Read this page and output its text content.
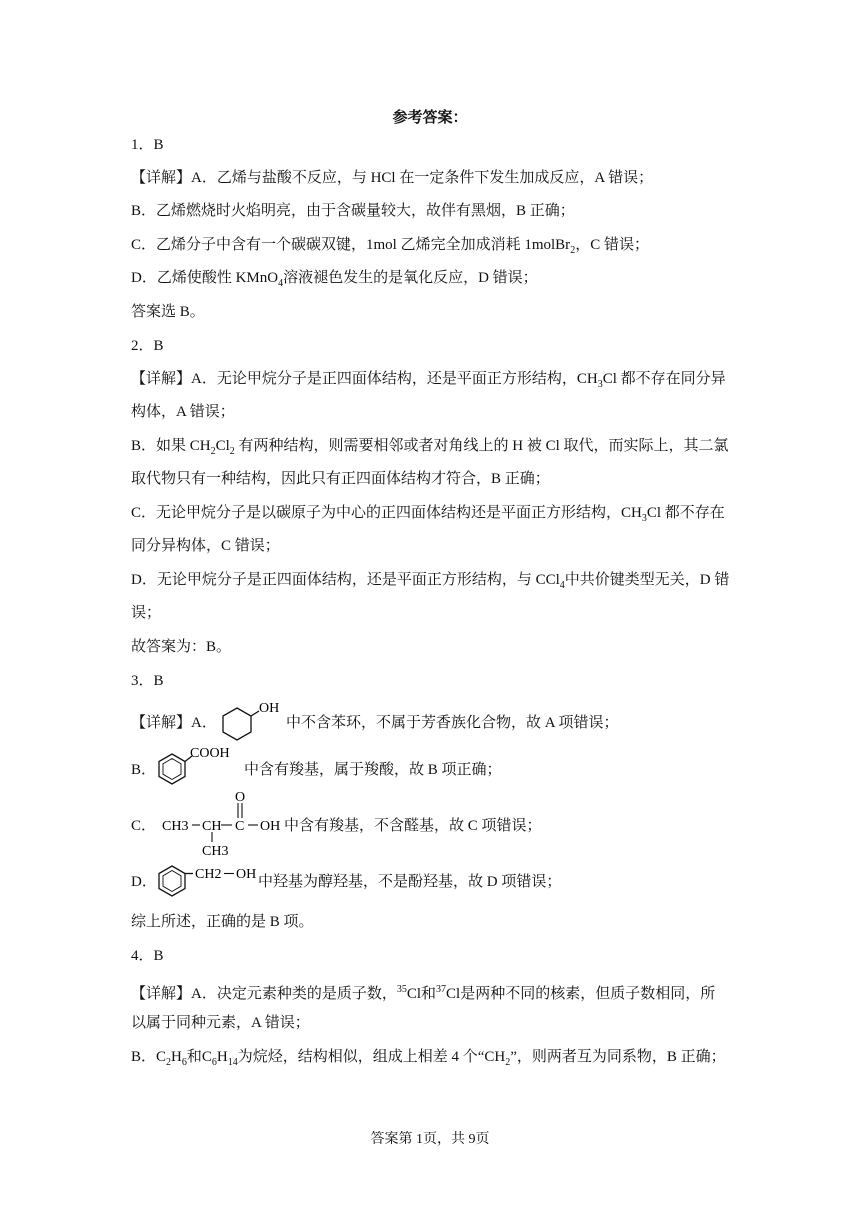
参考答案：
1．B
【详解】A．乙烯与盐酸不反应，与 HCl 在一定条件下发生加成反应，A 错误；
B．乙烯燃烧时火焰明亮，由于含碳量较大，故伴有黑烟，B 正确；
C．乙烯分子中含有一个碳碳双键，1mol 乙烯完全加成消耗 1molBr$_2$，C 错误；
D．乙烯使酸性 KMnO$_4$溶液褪色发生的是氧化反应，D 错误；
答案选 B。
2．B
【详解】A．无论甲烷分子是正四面体结构，还是平面正方形结构，$CH_3Cl$ 都不存在同分异
构体，A 错误；
B．如果 $CH_2Cl_2$ 有两种结构，则需要相邻或者对角线上的 H 被 Cl 取代，而实际上，其二氯
取代物只有一种结构，因此只有正四面体结构才符合，B 正确；
C．无论甲烷分子是以碳原子为中心的正四面体结构还是平面正方形结构，$CH_3Cl$ 都不存在
同分异构体，C 错误；
D．无论甲烷分子是正四面体结构，还是平面正方形结构，与 CCl$_4$中共价键类型无关，D 错
误；
故答案为：B。
3．B
【详解】A．
OH
中不含苯环，不属于芳香族化合物，故 A 项错误；
B．
COOH
中含有羧基，属于羧酸，故 B 项正确；
C． CH3 CH C
O
OH
CH3
中含有羧基，不含醛基，故 C 项错误；
D．	CH2 OH 中羟基为醇羟基，不是酚羟基，故 D 项错误；
综上所述，正确的是 B 项。
4．B
【详解】A．决定元素种类的是质子数，$^{35}$Cl和$^{37}$Cl是两种不同的核素，但质子数相同，所
以属于同种元素，A 错误；
B．$C_2H_6$和$C_6H_{14}$为烷烃，结构相似，组成上相差 4 个“$CH_2$”，则两者互为同系物，B 正确；
答案第 1页，共 9页
